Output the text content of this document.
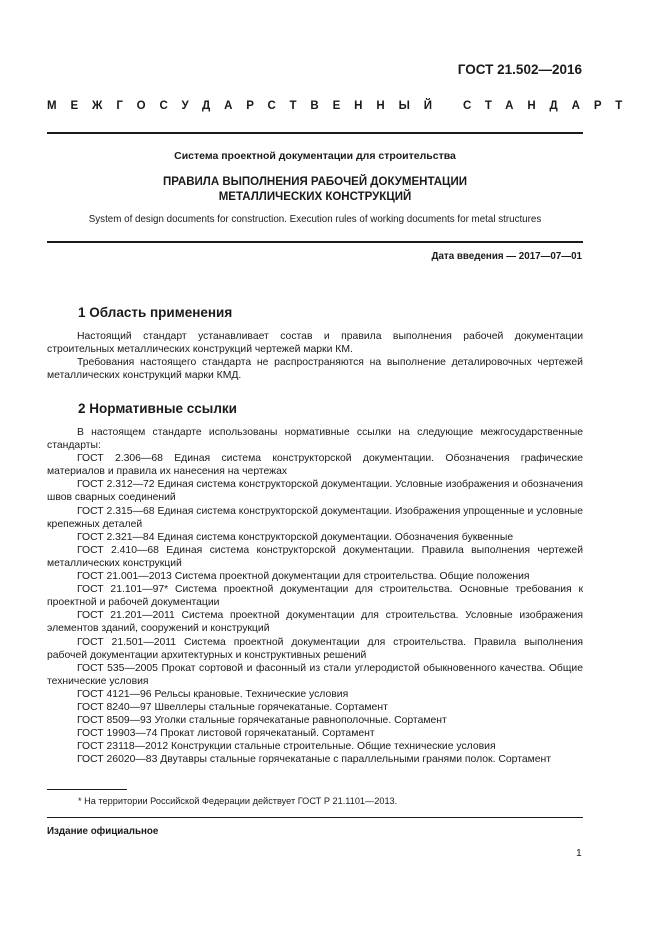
ГОСТ 21.502—2016
МЕЖГОСУДАРСТВЕННЫЙ СТАНДАРТ
Система проектной документации для строительства
ПРАВИЛА ВЫПОЛНЕНИЯ РАБОЧЕЙ ДОКУМЕНТАЦИИ
МЕТАЛЛИЧЕСКИХ КОНСТРУКЦИЙ
System of design documents for construction. Execution rules of working documents for metal structures
Дата введения — 2017—07—01
1 Область применения

Настоящий стандарт устанавливает состав и правила выполнения рабочей документации строительных металлических конструкций чертежей марки КМ.

Требования настоящего стандарта не распространяются на выполнение деталировочных чертежей металлических конструкций марки КМД.

2 Нормативные ссылки

В настоящем стандарте использованы нормативные ссылки на следующие межгосударственные стандарты:

ГОСТ 2.306—68 Единая система конструкторской документации. Обозначения графические материалов и правила их нанесения на чертежах

ГОСТ 2.312—72 Единая система конструкторской документации. Условные изображения и обозначения швов сварных соединений

ГОСТ 2.315—68 Единая система конструкторской документации. Изображения упрощенные и условные крепежных деталей

ГОСТ 2.321—84 Единая система конструкторской документации. Обозначения буквенные

ГОСТ 2.410—68 Единая система конструкторской документации. Правила выполнения чертежей металлических конструкций

ГОСТ 21.001—2013 Система проектной документации для строительства. Общие положения

ГОСТ 21.101—97* Система проектной документации для строительства. Основные требования к проектной и рабочей документации

ГОСТ 21.201—2011 Система проектной документации для строительства. Условные изображения элементов зданий, сооружений и конструкций

ГОСТ 21.501—2011 Система проектной документации для строительства. Правила выполнения рабочей документации архитектурных и конструктивных решений

ГОСТ 535—2005 Прокат сортовой и фасонный из стали углеродистой обыкновенного качества. Общие технические условия

ГОСТ 4121—96 Рельсы крановые. Технические условия

ГОСТ 8240—97 Швеллеры стальные горячекатаные. Сортамент

ГОСТ 8509—93 Уголки стальные горячекатаные равнополочные. Сортамент

ГОСТ 19903—74 Прокат листовой горячекатаный. Сортамент

ГОСТ 23118—2012 Конструкции стальные строительные. Общие технические условия

ГОСТ 26020—83 Двутавры стальные горячекатаные с параллельными гранями полок. Сортамент

* На территории Российской Федерации действует ГОСТ Р 21.1101—2013.
Издание официальное
1
